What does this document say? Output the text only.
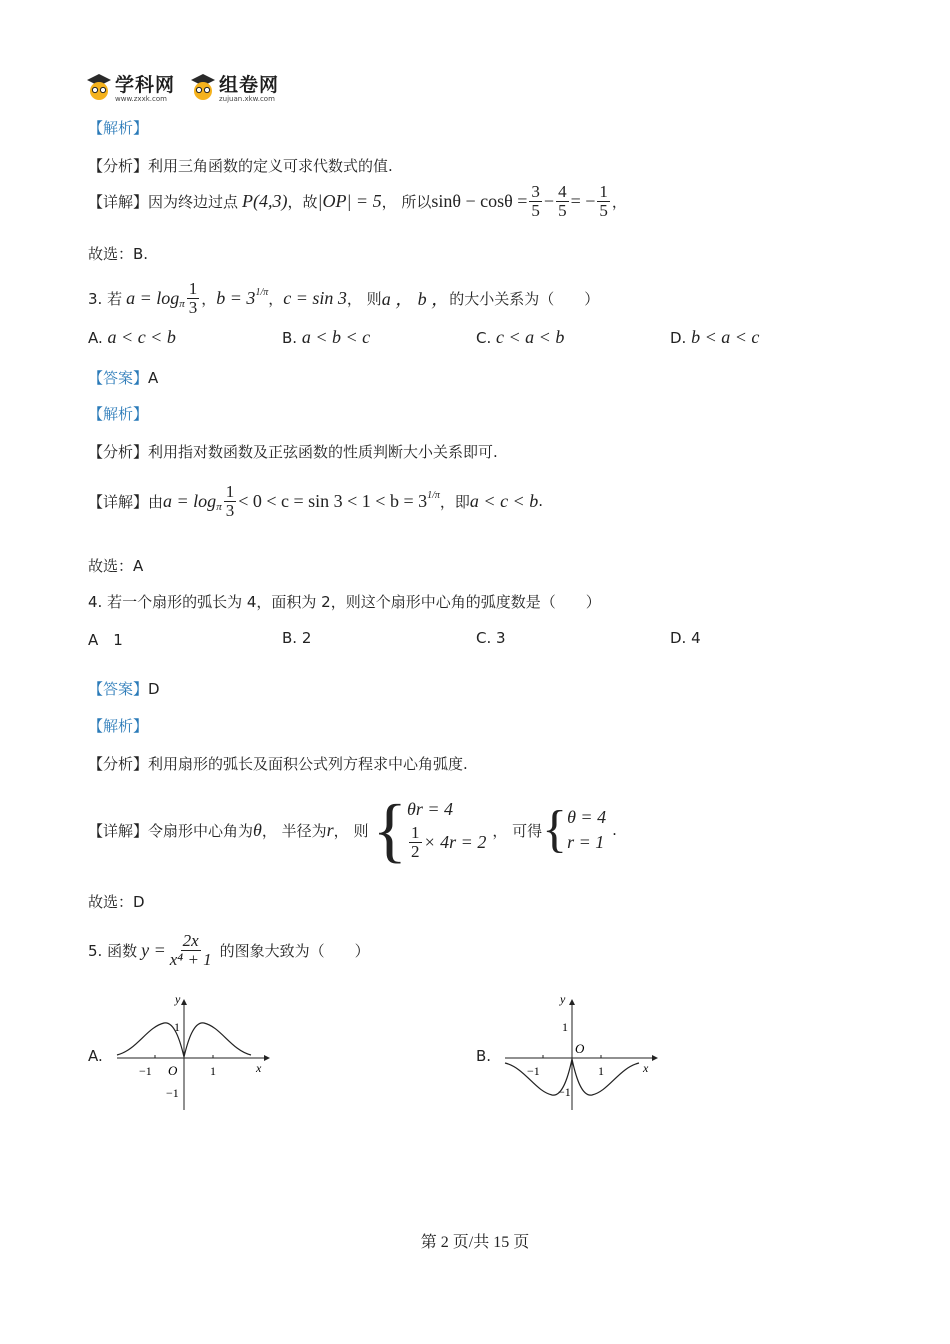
学科网
www.zxxk.com
组卷网
zujuan.xkw.com
【解析】
【分析】利用三角函数的定义可求代数式的值.
【详解】 因为终边过点 P(4,3) ，故 |OP| = 5 ， 所以 $\sin\theta - \cos\theta = \frac{3}{5} - \frac{4}{5}$ = − $\frac{1}{5}$ ，
故选：B.
3. 若 a = log π $\frac{1}{3}$ ， b = 3 1/π ， c = sin 3 ， 则 a ， b ， 的大小关系为（　　）
A. a < c < b	B. a < b < c	C. c < a < b	D. b < a < c
【答案】A
【解析】
【分析】利用指对数函数及正弦函数的性质判断大小关系即可.
【详解】 由 a = log π $\frac{1}{3} < 0 < c = \sin 3 < 1 < b = 3$ 1/π ，即 a < c < b .
故选：A
4. 若一个扇形的弧长为 4，面积为 2，则这个扇形中心角的弧度数是（　　）
A　1	B. 2	C. 3	D. 4
【答案】D
【解析】
【分析】利用扇形的弧长及面积公式列方程求中心角弧度.
【详解】 令扇形中心角为 θ ， 半径为 r ， 则 { θr = 4
$\frac{1}{2} \times 4r = 2$
， 可得 { θ = 4
r = 1
.
故选：D
5. 函数 $y = \frac{2x}{\text{x⁴ + 1}}$ 的图象大致为（　　）
A.
y
x
O
1
1
−1
−1
B.
y
x
O
1
1
−1
−1
第 2 页/共 15 页
